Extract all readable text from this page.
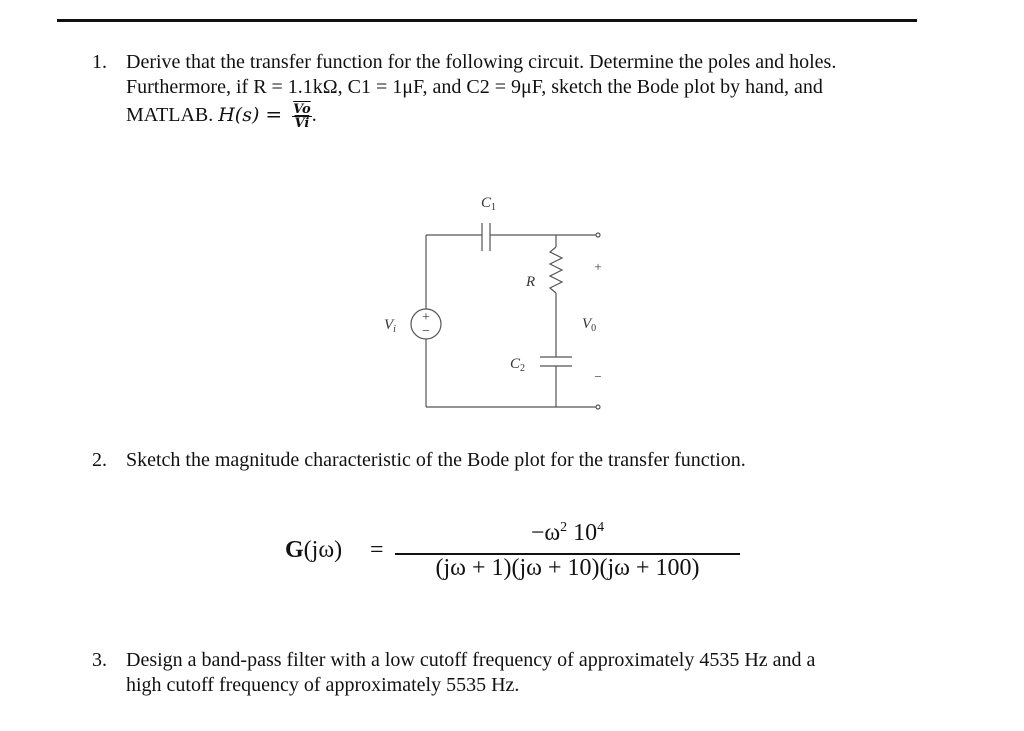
1. Derive that the transfer function for the following circuit. Determine the poles and holes.
Furthermore, if R = 1.1kΩ, C1 = 1μF, and C2 = 9μF, sketch the Bode plot by hand, and
MATLAB. $H(s) = \frac{\overline{Vo}}{Vi}$ .
+
−
$C_1$
R
$C_2$
$V_i$	$V_0$
+
−
2. Sketch the magnitude characteristic of the Bode plot for the transfer function.
G(jω) =
$-\omega^2$ $10^4$
(jω + 1)(jω + 10)(jω + 100)
3. Design a band-pass filter with a low cutoff frequency of approximately 4535 Hz and a
high cutoff frequency of approximately 5535 Hz.
